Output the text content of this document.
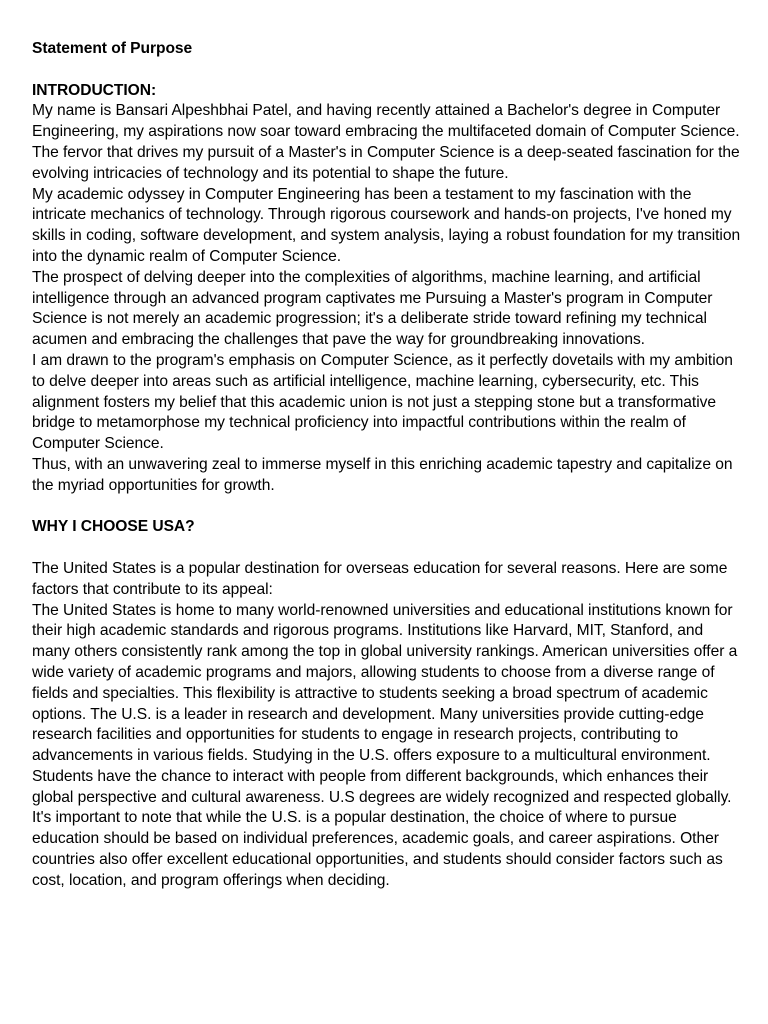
Statement of Purpose

INTRODUCTION:

My name is Bansari Alpeshbhai Patel, and having recently attained a Bachelor's degree in Computer Engineering, my aspirations now soar toward embracing the multifaceted domain of Computer Science. The fervor that drives my pursuit of a Master's in Computer Science is a deep-seated fascination for the evolving intricacies of technology and its potential to shape the future.

My academic odyssey in Computer Engineering has been a testament to my fascination with the intricate mechanics of technology. Through rigorous coursework and hands-on projects, I've honed my skills in coding, software development, and system analysis, laying a robust foundation for my transition into the dynamic realm of Computer Science.

The prospect of delving deeper into the complexities of algorithms, machine learning, and artificial intelligence through an advanced program captivates me Pursuing a Master's program in Computer Science is not merely an academic progression; it's a deliberate stride toward refining my technical acumen and embracing the challenges that pave the way for groundbreaking innovations.

I am drawn to the program's emphasis on Computer Science, as it perfectly dovetails with my ambition to delve deeper into areas such as artificial intelligence, machine learning, cybersecurity, etc. This alignment fosters my belief that this academic union is not just a stepping stone but a transformative bridge to metamorphose my technical proficiency into impactful contributions within the realm of Computer Science.

Thus, with an unwavering zeal to immerse myself in this enriching academic tapestry and capitalize on the myriad opportunities for growth.

WHY I CHOOSE USA?

The United States is a popular destination for overseas education for several reasons. Here are some factors that contribute to its appeal:

The United States is home to many world-renowned universities and educational institutions known for their high academic standards and rigorous programs. Institutions like Harvard, MIT, Stanford, and many others consistently rank among the top in global university rankings. American universities offer a wide variety of academic programs and majors, allowing students to choose from a diverse range of fields and specialties. This flexibility is attractive to students seeking a broad spectrum of academic options. The U.S. is a leader in research and development. Many universities provide cutting-edge research facilities and opportunities for students to engage in research projects, contributing to advancements in various fields. Studying in the U.S. offers exposure to a multicultural environment. Students have the chance to interact with people from different backgrounds, which enhances their global perspective and cultural awareness. U.S degrees are widely recognized and respected globally. It's important to note that while the U.S. is a popular destination, the choice of where to pursue education should be based on individual preferences, academic goals, and career aspirations. Other countries also offer excellent educational opportunities, and students should consider factors such as cost, location, and program offerings when deciding.
